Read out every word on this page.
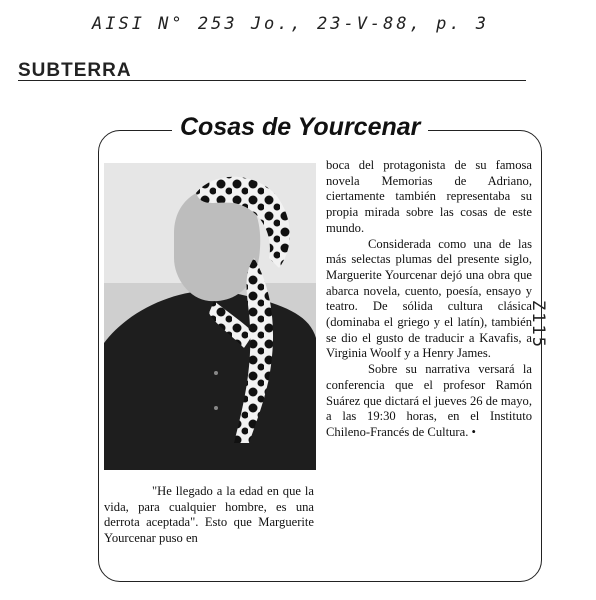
AISI N° 253 Jo., 23-V-88, p. 3
Z115
SUBTERRA
Cosas de Yourcenar
"He llegado a la edad en que la vida, para cualquier hombre, es una derrota aceptada". Esto que Marguerite Yourcenar puso en

boca del protagonista de su famosa novela Memorias de Adriano, ciertamente también representaba su propia mirada sobre las cosas de este mundo.

Considerada como una de las más selectas plumas del presente siglo, Marguerite Yourcenar dejó una obra que abarca novela, cuento, poesía, ensayo y teatro. De sólida cultura clásica (dominaba el griego y el latín), también se dio el gusto de traducir a Kavafis, a Virginia Woolf y a Henry James.

Sobre su narrativa versará la conferencia que el profesor Ramón Suárez que dictará el jueves 26 de mayo, a las 19:30 horas, en el Instituto Chileno-Francés de Cultura. •
